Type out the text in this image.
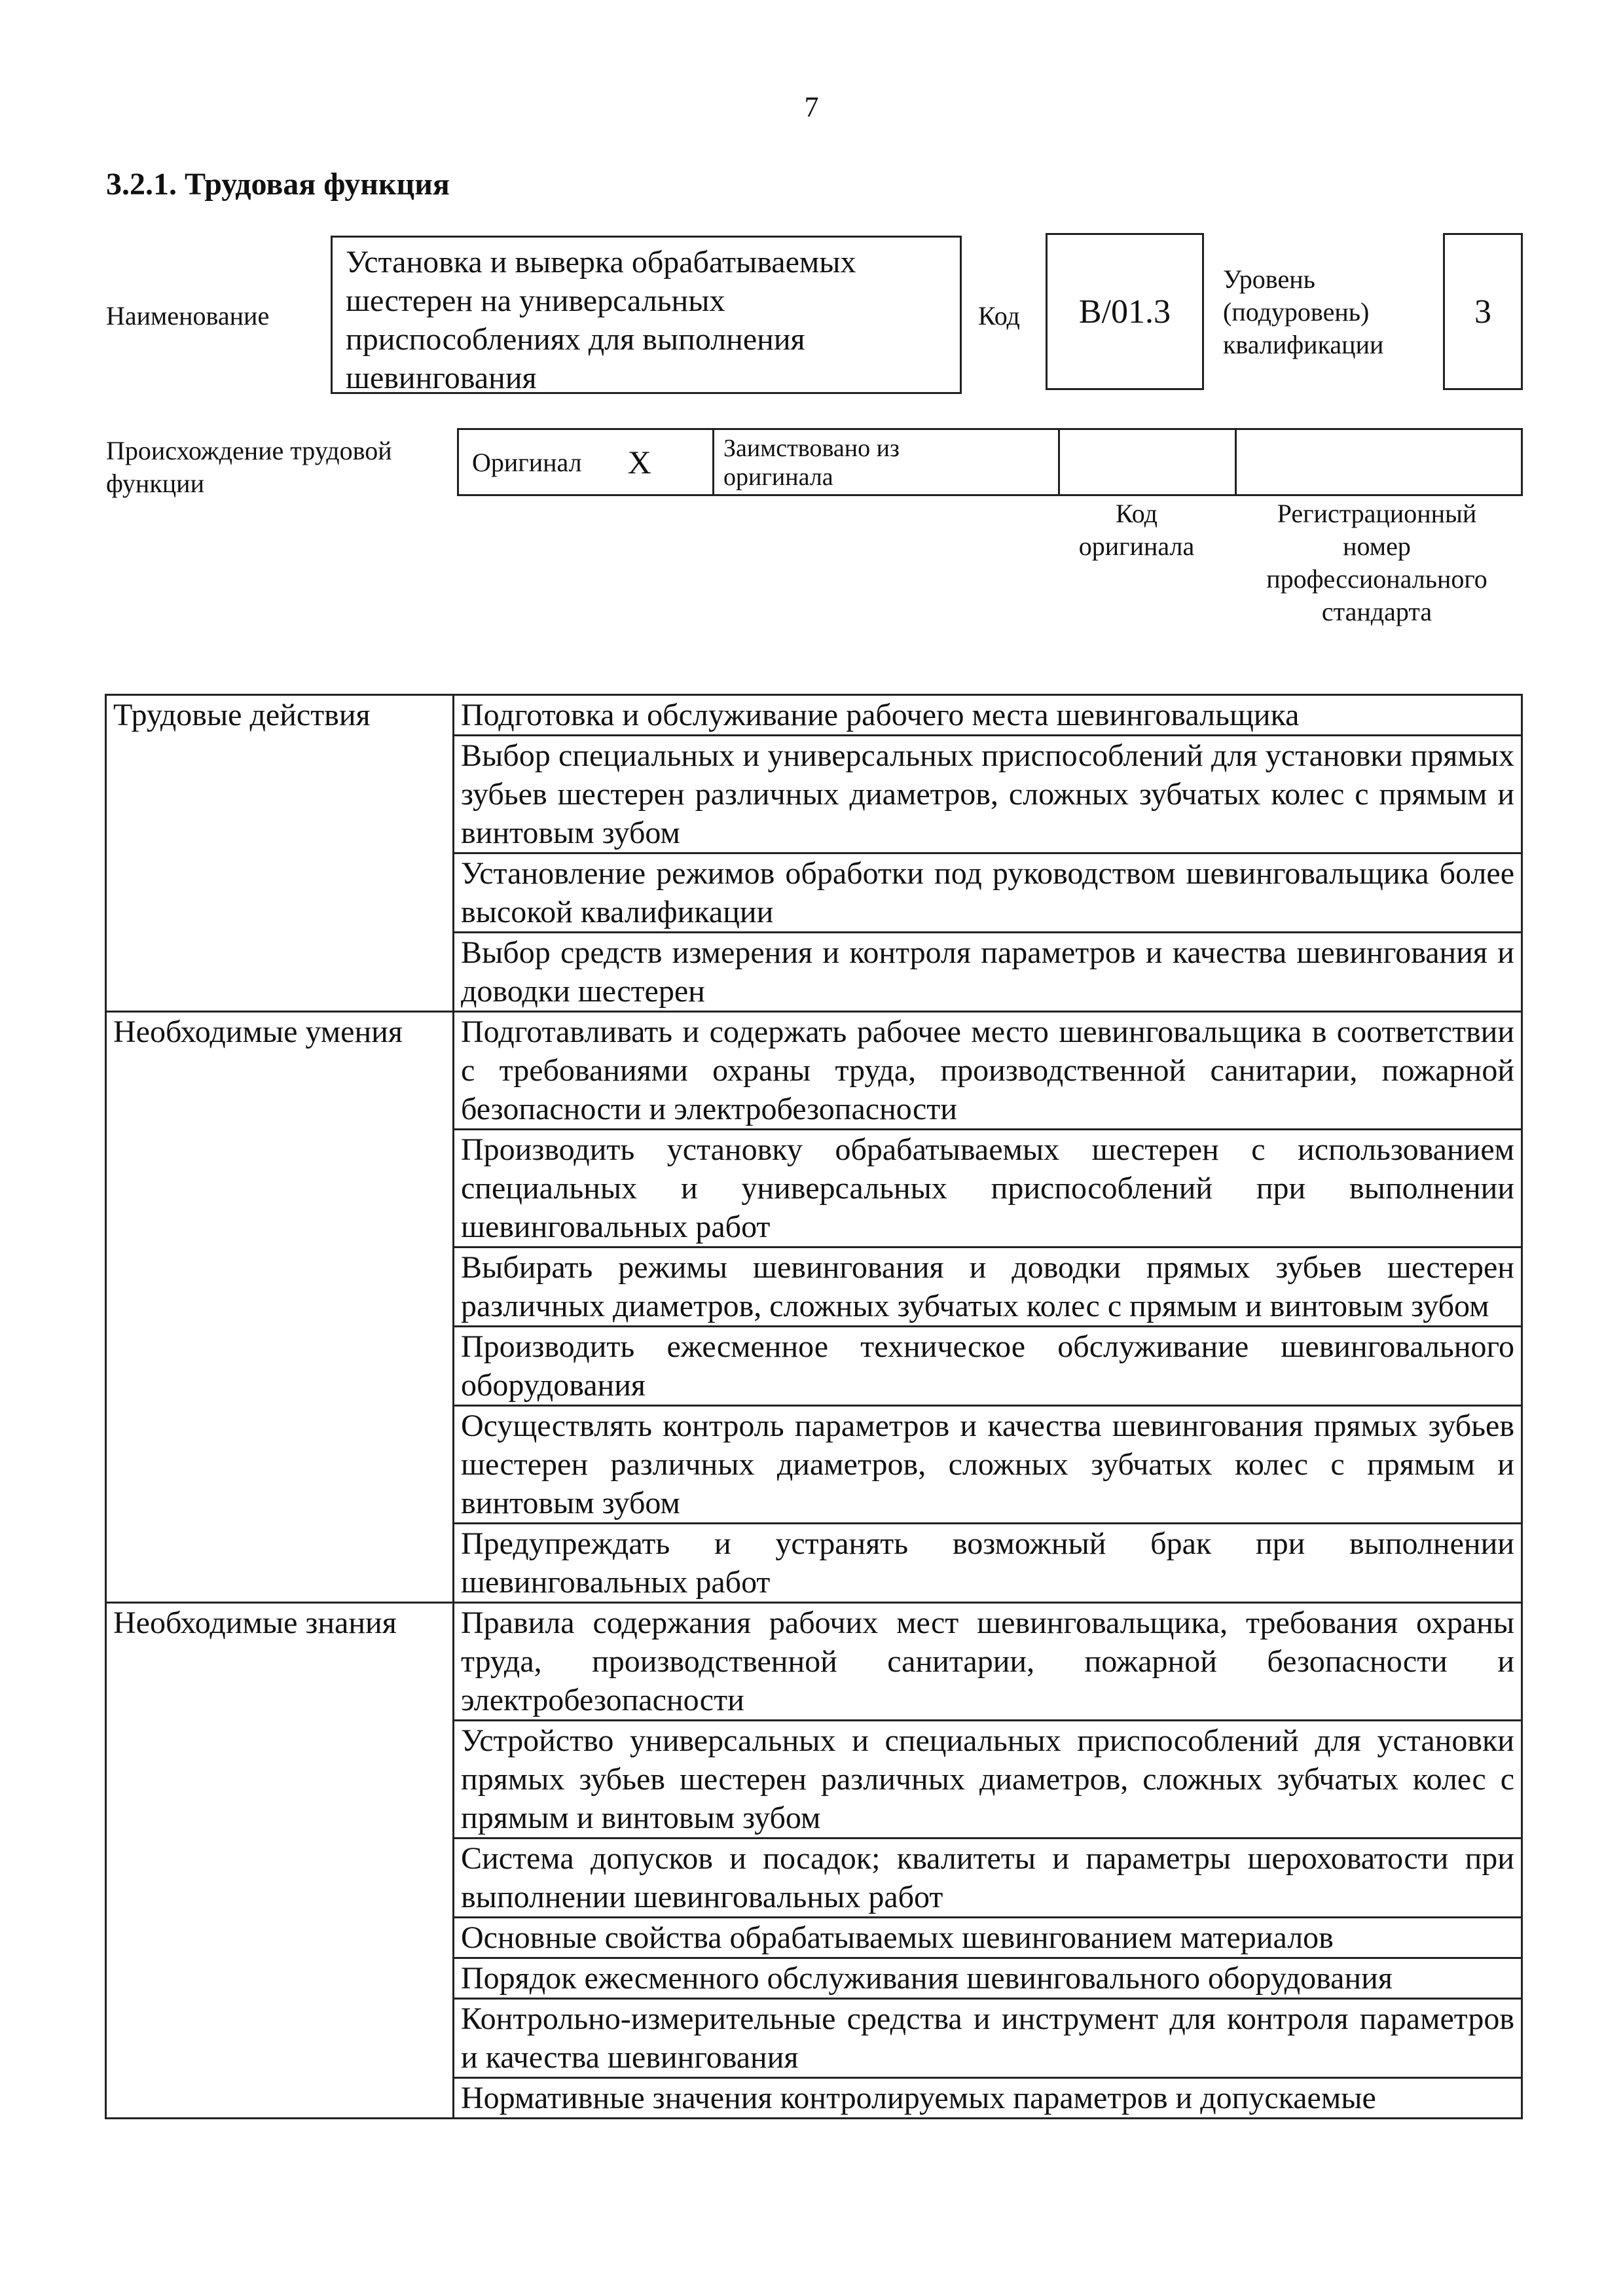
7
3.2.1. Трудовая функция
Наименование
Установка и выверка обрабатываемых шестерен на универсальных приспособлениях для выполнения шевингования
Код	В/01.3
Уровень
(подуровень)
квалификации
3
Происхождение трудовой
функции
Оригинал Х	Заимствовано из
оригинала
Код
оригинала
Регистрационный
номер
профессионального
стандарта
Трудовые действия	Подготовка и обслуживание рабочего места шевинговальщика
	Выбор специальных и универсальных приспособлений для установки прямых зубьев шестерен различных диаметров, сложных зубчатых колес с прямым и винтовым зубом
	Установление режимов обработки под руководством шевинговальщика более высокой квалификации
	Выбор средств измерения и контроля параметров и качества шевингования и доводки шестерен
Необходимые умения	Подготавливать и содержать рабочее место шевинговальщика в соответствии с требованиями охраны труда, производственной санитарии, пожарной безопасности и электробезопасности
	Производить установку обрабатываемых шестерен с использованием специальных и универсальных приспособлений при выполнении шевинговальных работ
	Выбирать режимы шевингования и доводки прямых зубьев шестерен различных диаметров, сложных зубчатых колес с прямым и винтовым зубом
	Производить ежесменное техническое обслуживание шевинговального оборудования
	Осуществлять контроль параметров и качества шевингования прямых зубьев шестерен различных диаметров, сложных зубчатых колес с прямым и винтовым зубом
	Предупреждать и устранять возможный брак при выполнении шевинговальных работ
Необходимые знания	Правила содержания рабочих мест шевинговальщика, требования охраны труда, производственной санитарии, пожарной безопасности и электробезопасности
	Устройство универсальных и специальных приспособлений для установки прямых зубьев шестерен различных диаметров, сложных зубчатых колес с прямым и винтовым зубом
	Система допусков и посадок; квалитеты и параметры шероховатости при выполнении шевинговальных работ
	Основные свойства обрабатываемых шевингованием материалов
	Порядок ежесменного обслуживания шевинговального оборудования
	Контрольно-измерительные средства и инструмент для контроля параметров и качества шевингования
	Нормативные значения контролируемых параметров и допускаемые
